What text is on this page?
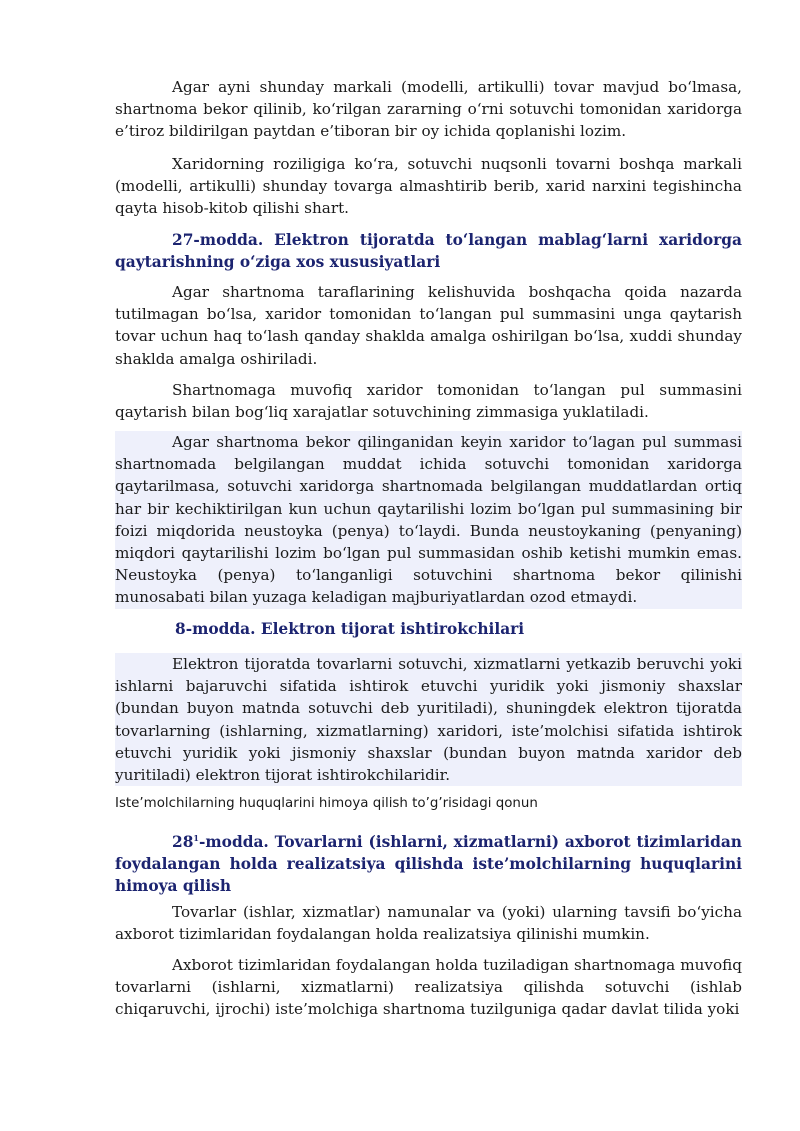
Agar ayni shunday markali (modelli, artikulli) tovar mavjud bo‘lmasa, shartnoma bekor qilinib, ko‘rilgan zararning o‘rni sotuvchi tomonidan xaridorga e’tiroz bildirilgan paytdan e’tiboran bir oy ichida qoplanishi lozim.

Xaridorning roziligiga ko‘ra, sotuvchi nuqsonli tovarni boshqa markali (modelli, artikulli) shunday tovarga almashtirib berib, xarid narxini tegishincha qayta hisob-kitob qilishi shart.

27-modda. Elektron tijoratda to‘langan mablag‘larni xaridorga qaytarishning o‘ziga xos xususiyatlari

Agar shartnoma taraflarining kelishuvida boshqacha qoida nazarda tutilmagan bo‘lsa, xaridor tomonidan to‘langan pul summasini unga qaytarish tovar uchun haq to‘lash qanday shaklda amalga oshirilgan bo‘lsa, xuddi shunday shaklda amalga oshiriladi.

Shartnomaga muvofiq xaridor tomonidan to‘langan pul summasini qaytarish bilan bog‘liq xarajatlar sotuvchining zimmasiga yuklatiladi.

Agar shartnoma bekor qilinganidan keyin xaridor to‘lagan pul summasi shartnomada belgilangan muddat ichida sotuvchi tomonidan xaridorga qaytarilmasa, sotuvchi xaridorga shartnomada belgilangan muddatlardan ortiq har bir kechiktirilgan kun uchun qaytarilishi lozim bo‘lgan pul summasining bir foizi miqdorida neustoyka (penya) to‘laydi. Bunda neustoykaning (penyaning) miqdori qaytarilishi lozim bo‘lgan pul summasidan oshib ketishi mumkin emas. Neustoyka (penya) to‘langanligi sotuvchini shartnoma bekor qilinishi munosabati bilan yuzaga keladigan majburiyatlardan ozod etmaydi.

8-modda. Elektron tijorat ishtirokchilari

Elektron tijoratda tovarlarni sotuvchi, xizmatlarni yetkazib beruvchi yoki ishlarni bajaruvchi sifatida ishtirok etuvchi yuridik yoki jismoniy shaxslar (bundan buyon matnda sotuvchi deb yuritiladi), shuningdek elektron tijoratda tovarlarning (ishlarning, xizmatlarning) xaridori, iste’molchisi sifatida ishtirok etuvchi yuridik yoki jismoniy shaxslar (bundan buyon matnda xaridor deb yuritiladi) elektron tijorat ishtirokchilaridir.

Iste’molchilarning huquqlarini himoya qilish to’g’risidagi qonun

$28^1$-modda. Tovarlarni (ishlarni, xizmatlarni) axborot tizimlaridan foydalangan holda realizatsiya qilishda iste’molchilarning huquqlarini himoya qilish

Tovarlar (ishlar, xizmatlar) namunalar va (yoki) ularning tavsifi bo‘yicha axborot tizimlaridan foydalangan holda realizatsiya qilinishi mumkin.

Axborot tizimlaridan foydalangan holda tuziladigan shartnomaga muvofiq tovarlarni (ishlarni, xizmatlarni) realizatsiya qilishda sotuvchi (ishlab chiqaruvchi, ijrochi) iste’molchiga shartnoma tuzilguniga qadar davlat tilida yoki
